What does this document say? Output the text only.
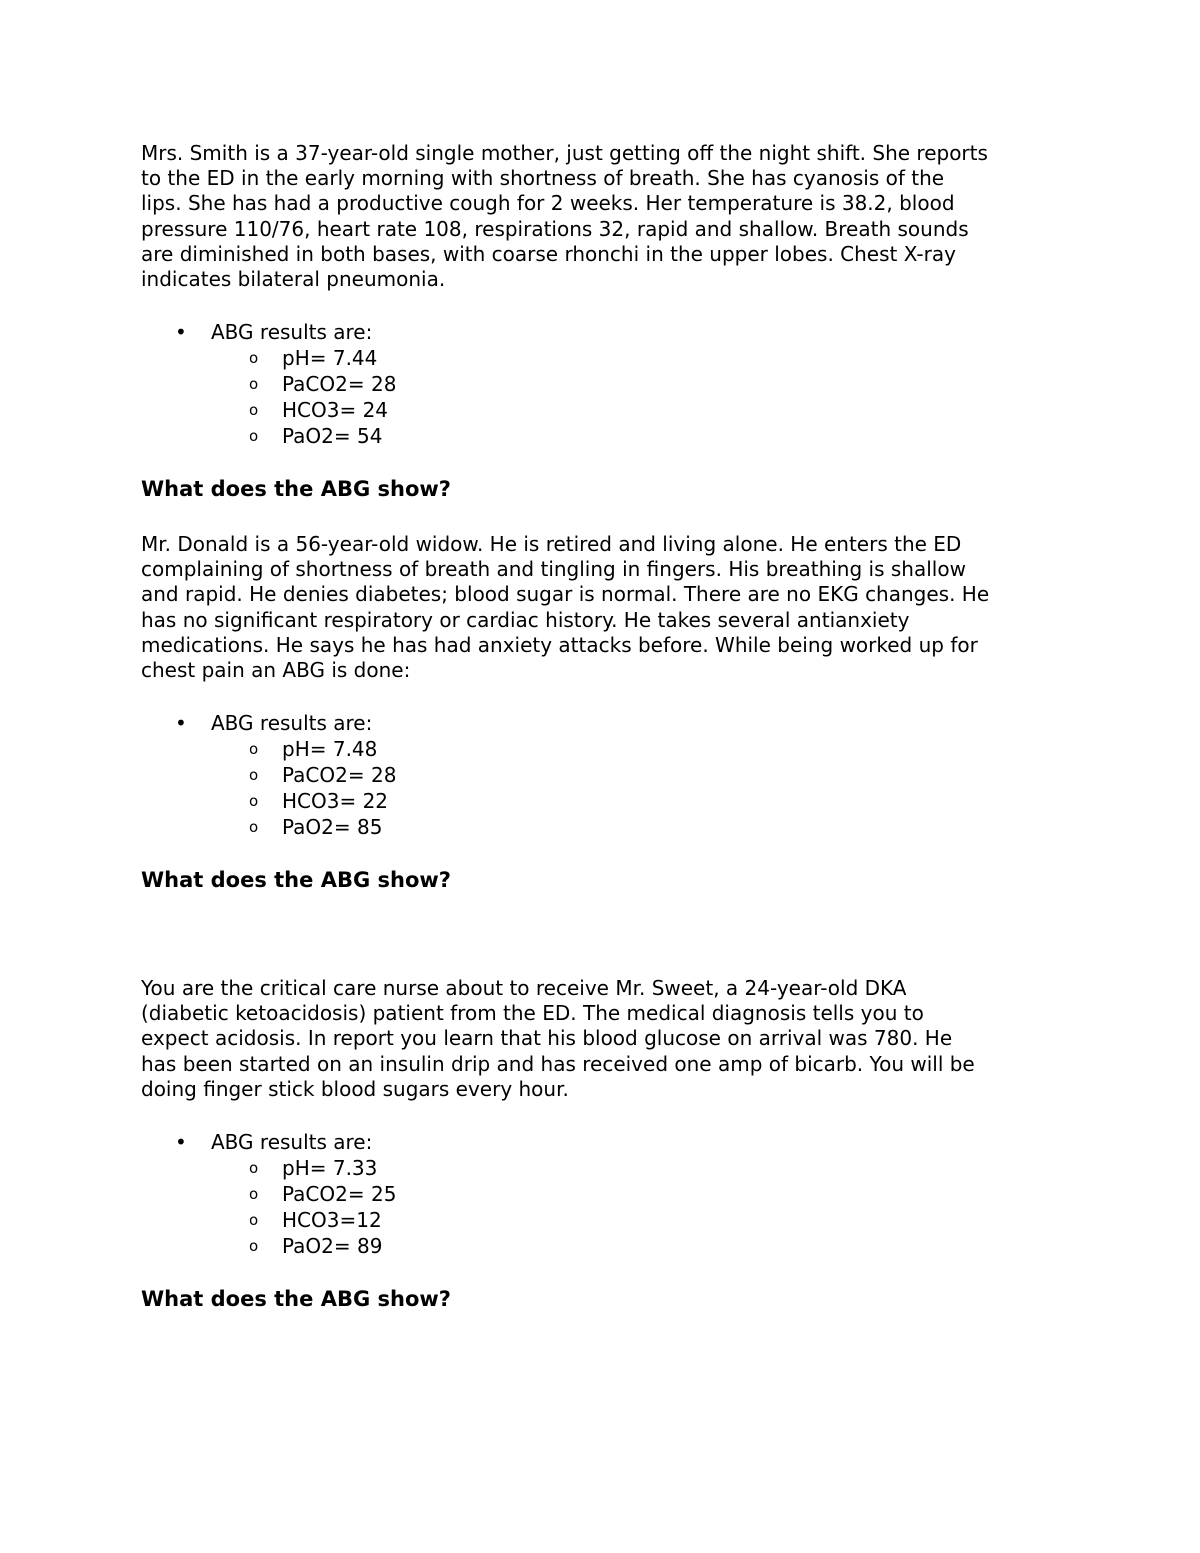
Mrs. Smith is a 37-year-old single mother, just getting off the night shift. She reports
to the ED in the early morning with shortness of breath. She has cyanosis of the
lips. She has had a productive cough for 2 weeks. Her temperature is 38.2, blood
pressure 110/76, heart rate 108, respirations 32, rapid and shallow. Breath sounds
are diminished in both bases, with coarse rhonchi in the upper lobes. Chest X-ray
indicates bilateral pneumonia.
• ABG results are:
o pH= 7.44
o PaCO2= 28
o HCO3= 24
o PaO2= 54

What does the ABG show?

Mr. Donald is a 56-year-old widow. He is retired and living alone. He enters the ED
complaining of shortness of breath and tingling in fingers. His breathing is shallow
and rapid. He denies diabetes; blood sugar is normal. There are no EKG changes. He
has no significant respiratory or cardiac history. He takes several antianxiety
medications. He says he has had anxiety attacks before. While being worked up for
chest pain an ABG is done:
• ABG results are:
o pH= 7.48
o PaCO2= 28
o HCO3= 22
o PaO2= 85

What does the ABG show?

You are the critical care nurse about to receive Mr. Sweet, a 24-year-old DKA
(diabetic ketoacidosis) patient from the ED. The medical diagnosis tells you to
expect acidosis. In report you learn that his blood glucose on arrival was 780. He
has been started on an insulin drip and has received one amp of bicarb. You will be
doing finger stick blood sugars every hour.
• ABG results are:
o pH= 7.33
o PaCO2= 25
o HCO3=12
o PaO2= 89

What does the ABG show?
